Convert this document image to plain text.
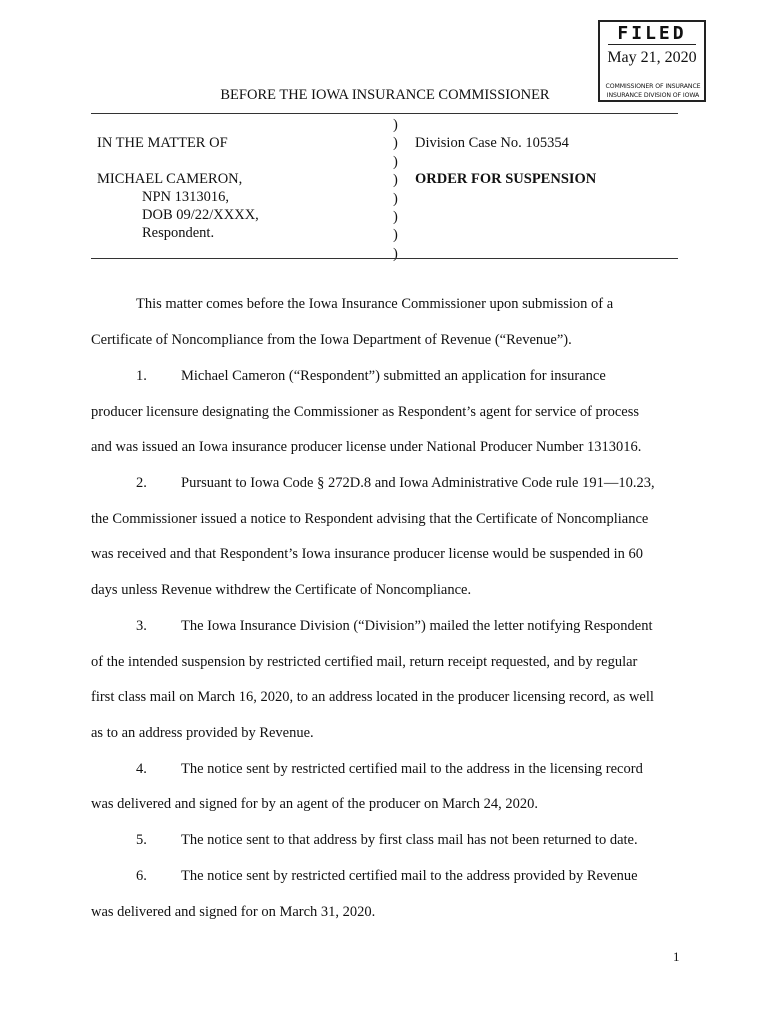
FILED
May 21, 2020
COMMISSIONER OF INSURANCE
INSURANCE DIVISION OF IOWA
BEFORE THE IOWA INSURANCE COMMISSIONER
)
)
)
)
)
)
)
)
IN THE MATTER OF
MICHAEL CAMERON,
NPN 1313016,
DOB 09/22/XXXX,
Respondent.
Division Case No. 105354
ORDER FOR SUSPENSION
This matter comes before the Iowa Insurance Commissioner upon submission of a
Certificate of Noncompliance from the Iowa Department of Revenue (“Revenue”).
1. Michael Cameron (“Respondent”) submitted an application for insurance
producer licensure designating the Commissioner as Respondent’s agent for service of process
and was issued an Iowa insurance producer license under National Producer Number 1313016.
2. Pursuant to Iowa Code § 272D.8 and Iowa Administrative Code rule 191—10.23,
the Commissioner issued a notice to Respondent advising that the Certificate of Noncompliance
was received and that Respondent’s Iowa insurance producer license would be suspended in 60
days unless Revenue withdrew the Certificate of Noncompliance.
3. The Iowa Insurance Division (“Division”) mailed the letter notifying Respondent
of the intended suspension by restricted certified mail, return receipt requested, and by regular
first class mail on March 16, 2020, to an address located in the producer licensing record, as well
as to an address provided by Revenue.
4. The notice sent by restricted certified mail to the address in the licensing record
was delivered and signed for by an agent of the producer on March 24, 2020.
5. The notice sent to that address by first class mail has not been returned to date.
6. The notice sent by restricted certified mail to the address provided by Revenue
was delivered and signed for on March 31, 2020.
1
